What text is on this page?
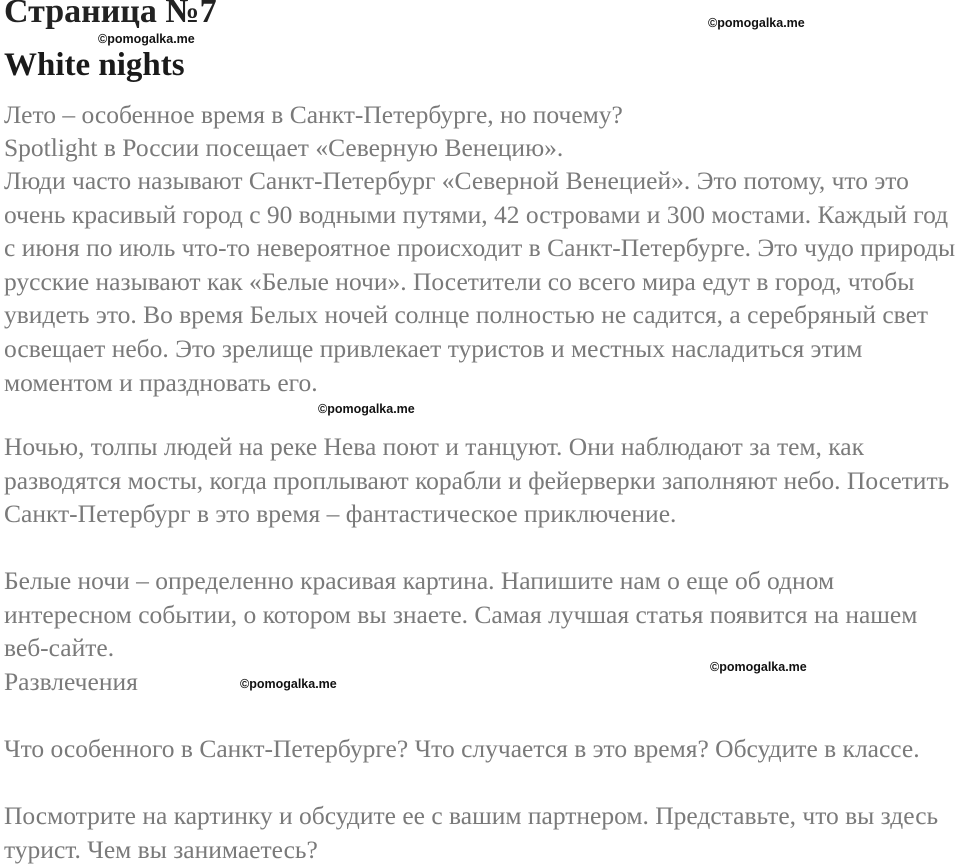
Страница №7
©pomogalka.me
©pomogalka.me
White nights

Лето – особенное время в Санкт-Петербурге, но почему?

Spotlight в России посещает «Северную Венецию».

Люди часто называют Санкт-Петербург «Северной Венецией». Это потому, что это очень красивый город с 90 водными путями, 42 островами и 300 мостами. Каждый год с июня по июль что-то невероятное происходит в Санкт-Петербурге. Это чудо природы русские называют как «Белые ночи». Посетители со всего мира едут в город, чтобы увидеть это. Во время Белых ночей солнце полностью не садится, а серебряный свет освещает небо. Это зрелище привлекает туристов и местных насладиться этим моментом и праздновать его.

©pomogalka.me

Ночью, толпы людей на реке Нева поют и танцуют. Они наблюдают за тем, как разводятся мосты, когда проплывают корабли и фейерверки заполняют небо. Посетить Санкт-Петербург в это время – фантастическое приключение.

Белые ночи – определенно красивая картина. Напишите нам о еще об одном интересном событии, о котором вы знаете. Самая лучшая статья появится на нашем веб-сайте.

©pomogalka.me

Развлечения	©pomogalka.me

Что особенного в Санкт-Петербурге? Что случается в это время? Обсудите в классе.

Посмотрите на картинку и обсудите ее с вашим партнером. Представьте, что вы здесь турист. Чем вы занимаетесь?
